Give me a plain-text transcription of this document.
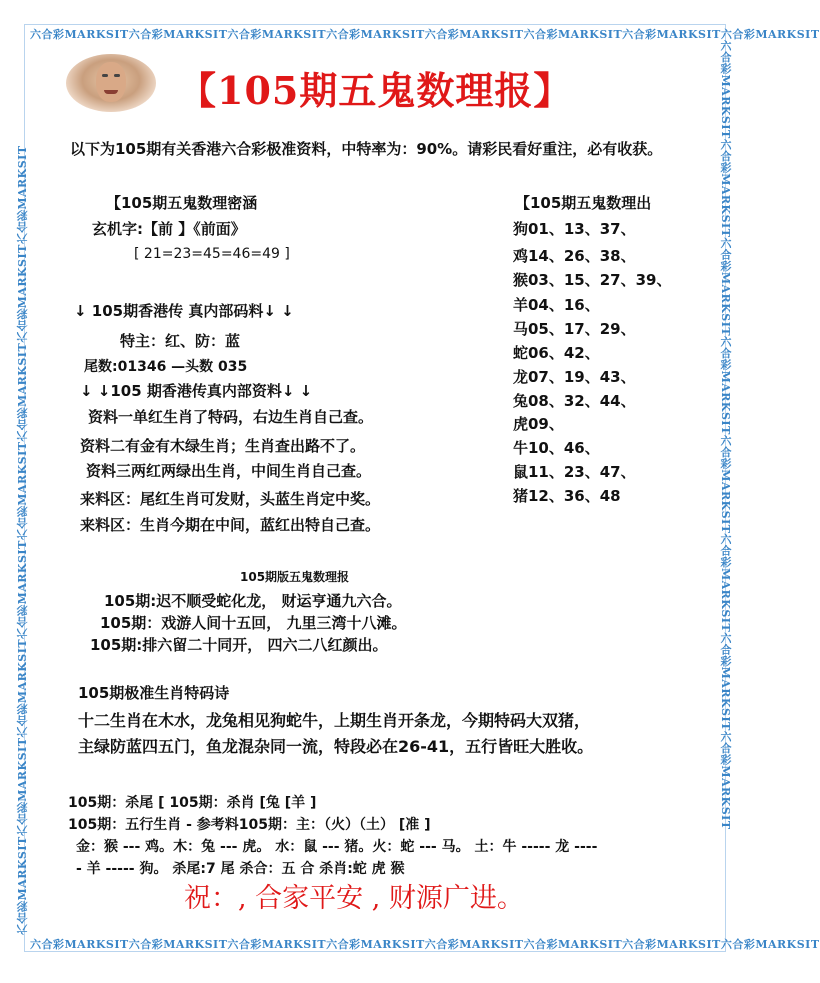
六合彩MARKSIT六合彩MARKSIT六合彩MARKSIT六合彩MARKSIT六合彩MARKSIT六合彩MARKSIT六合彩MARKSIT六合彩MARKSIT
六合彩MARKSIT六合彩MARKSIT六合彩MARKSIT六合彩MARKSIT六合彩MARKSIT六合彩MARKSIT六合彩MARKSIT六合彩MARKSIT
六合彩MARKSIT六合彩MARKSIT六合彩MARKSIT六合彩MARKSIT六合彩MARKSIT六合彩MARKSIT六合彩MARKSIT六合彩MARKSIT	六合彩MARKSIT六合彩MARKSIT六合彩MARKSIT六合彩MARKSIT六合彩MARKSIT六合彩MARKSIT六合彩MARKSIT六合彩MARKSIT
【105期五鬼数理报】
以下为105期有关香港六合彩极准资料，中特率为：90%。请彩民看好重注，必有收获。
【105期五鬼数理密涵
玄机字:【前 】《前面》
[ 21=23=45=46=49 ]
↓ 105期香港传 真内部码料↓ ↓
特主：红、防：蓝
尾数:01346 —头数 035
↓ ↓105 期香港传真内部资料↓ ↓
资料一单红生肖了特码，右边生肖自己查。
资料二有金有木绿生肖；生肖查出路不了。
资料三两红两绿出生肖，中间生肖自己查。
来料区：尾红生肖可发财，头蓝生肖定中奖。
来料区：生肖今期在中间，蓝红出特自己查。
【105期五鬼数理出
狗01、13、37、
鸡14、26、38、
猴03、15、27、39、
羊04、16、
马05、17、29、
蛇06、42、
龙07、19、43、
兔08、32、44、
虎09、
牛10、46、
鼠11、23、47、
猪12、36、48
105期版五鬼数理报
105期:迟不顺受蛇化龙， 财运亨通九六合。
105期：戏游人间十五回， 九里三湾十八滩。
105期:排六留二十同开， 四六二八红颜出。
105期极准生肖特码诗
十二生肖在木水，龙兔相见狗蛇牛，上期生肖开条龙，今期特码大双猪，
主绿防蓝四五门，鱼龙混杂同一流，特段必在26-41，五行皆旺大胜收。
105期：杀尾 [ 105期：杀肖 [兔 [羊 ]
105期：五行生肖 - 参考料105期：主：（火）（土） [准 ]
金：猴 --- 鸡。木：兔 --- 虎。 水：鼠 --- 猪。火：蛇 --- 马。 土：牛 ----- 龙 ----
- 羊 ----- 狗。 杀尾:7 尾 杀合：五 合 杀肖:蛇 虎 猴
祝：, 合家平安 , 财源广进。
